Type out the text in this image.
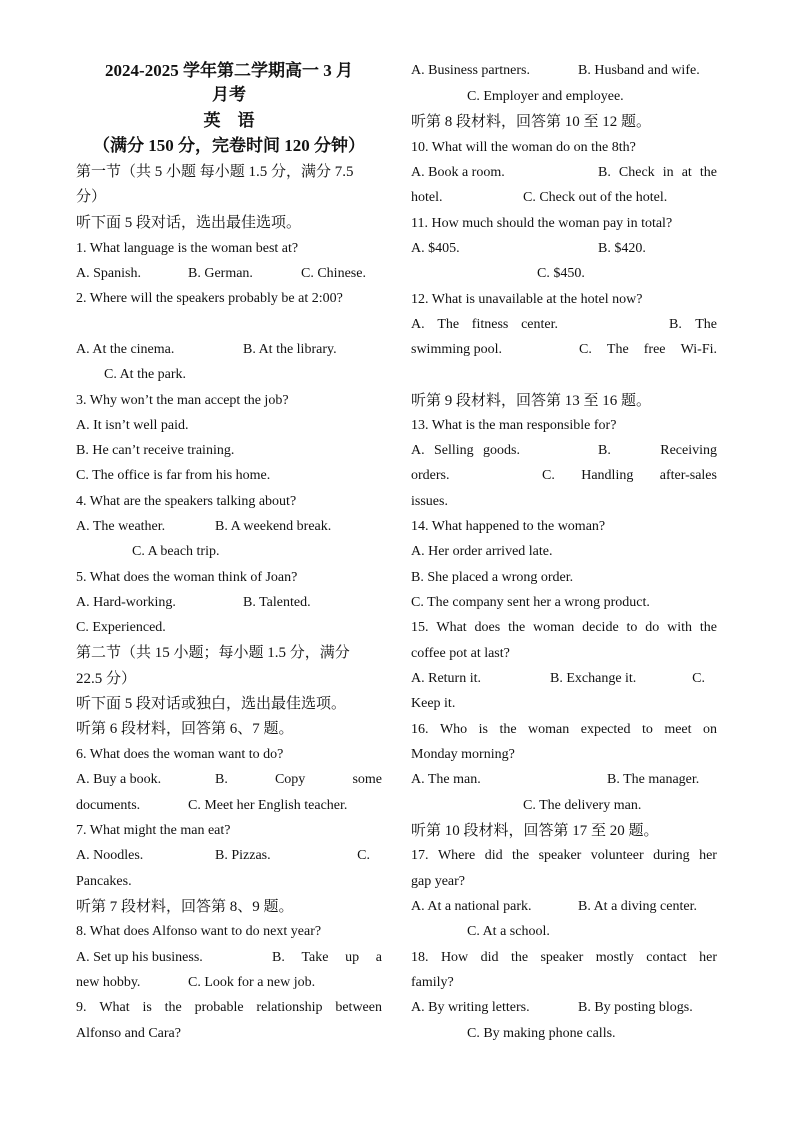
2024-2025 学年第二学期高一 3 月
月考
英　语
（满分 150 分，完卷时间 120 分钟）
第一节（共 5 小题 每小题 1.5 分，满分 7.5
分）
听下面 5 段对话，选出最佳选项。
1. What language is the woman best at?
A. Spanish.	B. German.	C. Chinese.
2. Where will the speakers probably be at 2:00?
A. At the cinema.	B. At the library.
C. At the park.
3. Why won’t the man accept the job?
A. It isn’t well paid.
B. He can’t receive training.
C. The office is far from his home.
4. What are the speakers talking about?
A. The weather.	B. A weekend break.
C. A beach trip.
5. What does the woman think of Joan?
A. Hard-working.	B. Talented.
C. Experienced.
第二节（共 15 小题；每小题 1.5 分，满分
22.5 分）
听下面 5 段对话或独白，选出最佳选项。
听第 6 段材料，回答第 6、7 题。
6. What does the woman want to do?
A. Buy a book.	B.	Copy	some
documents.	C. Meet her English teacher.
7. What might the man eat?
A. Noodles.	B. Pizzas.	C.
Pancakes.
听第 7 段材料，回答第 8、9 题。
8. What does Alfonso want to do next year?
A. Set up his business.	B. Take up a
new hobby.	C. Look for a new job.
9. What is the probable relationship between
Alfonso and Cara?
A. Business partners.	B. Husband and wife.
C. Employer and employee.
听第 8 段材料，回答第 10 至 12 题。
10. What will the woman do on the 8th?
A. Book a room.	B. Check in at the
hotel.	C. Check out of the hotel.
11. How much should the woman pay in total?
A. $405.	B. $420.
C. $450.
12. What is unavailable at the hotel now?
A. The fitness center.	B. The
swimming pool.	C. The free Wi-Fi.
听第 9 段材料，回答第 13 至 16 题。
13. What is the man responsible for?
A. Selling goods.	B.	Receiving
orders.	C. Handling after-sales
issues.
14. What happened to the woman?
A. Her order arrived late.
B. She placed a wrong order.
C. The company sent her a wrong product.
15. What does the woman decide to do with the
coffee pot at last?
A. Return it.	B. Exchange it.	C.
Keep it.
16. Who is the woman expected to meet on
Monday morning?
A. The man.	B. The manager.
C. The delivery man.
听第 10 段材料，回答第 17 至 20 题。
17. Where did the speaker volunteer during her
gap year?
A. At a national park.	B. At a diving center.
C. At a school.
18. How did the speaker mostly contact her
family?
A. By writing letters.	B. By posting blogs.
C. By making phone calls.
